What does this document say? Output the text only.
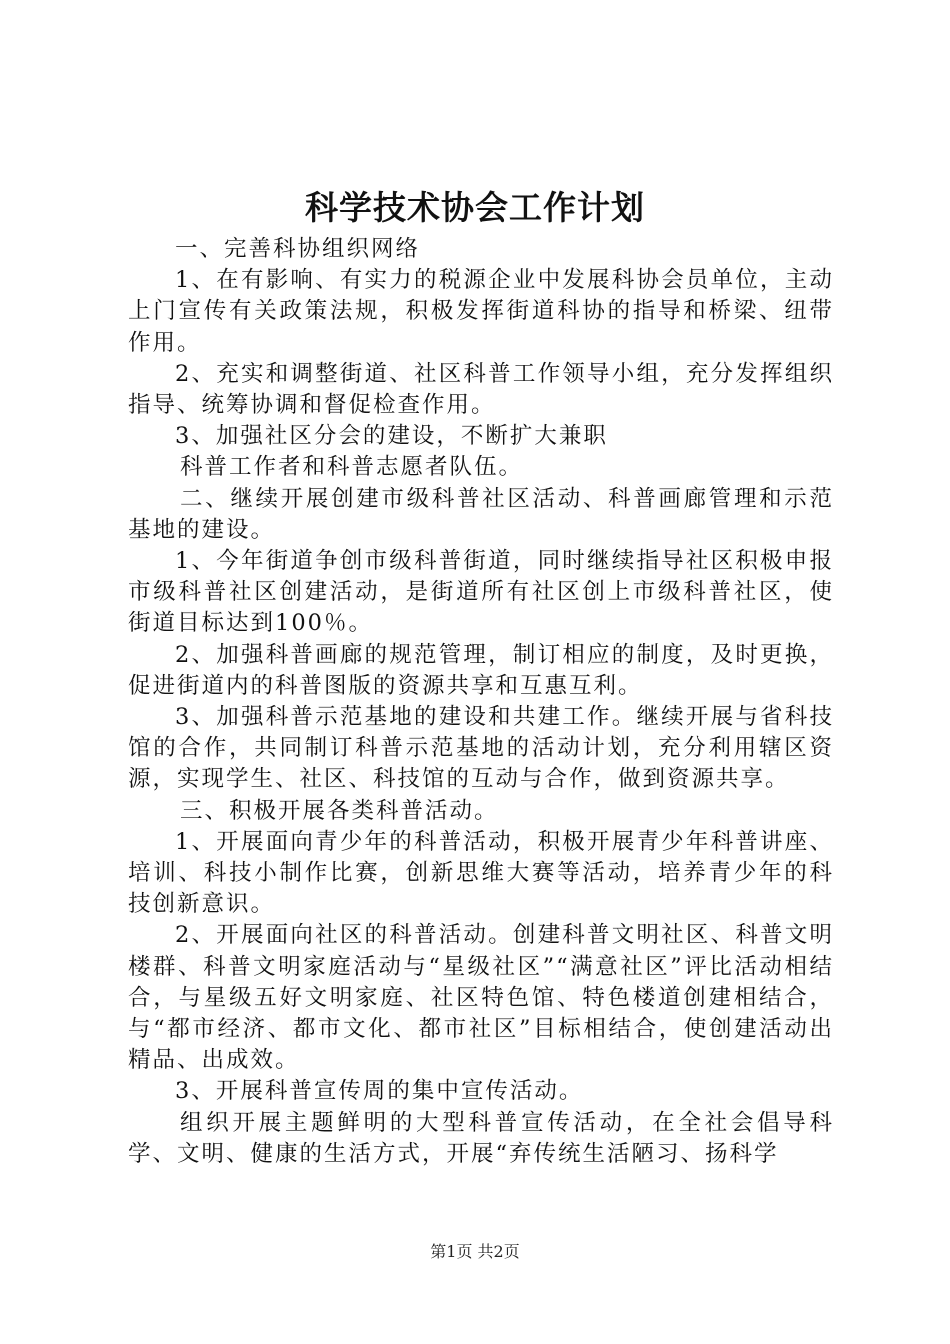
科学技术协会工作计划

一、完善科协组织网络

1、在有影响、有实力的税源企业中发展科协会员单位，主动上门宣传有关政策法规，积极发挥街道科协的指导和桥梁、纽带作用。

2、充实和调整街道、社区科普工作领导小组，充分发挥组织指导、统筹协调和督促检查作用。

3、加强社区分会的建设，不断扩大兼职

科普工作者和科普志愿者队伍。

二、继续开展创建市级科普社区活动、科普画廊管理和示范基地的建设。

1、今年街道争创市级科普街道，同时继续指导社区积极申报市级科普社区创建活动，是街道所有社区创上市级科普社区，使街道目标达到100％。

2、加强科普画廊的规范管理，制订相应的制度，及时更换，促进街道内的科普图版的资源共享和互惠互利。

3、加强科普示范基地的建设和共建工作。继续开展与省科技馆的合作，共同制订科普示范基地的活动计划，充分利用辖区资源，实现学生、社区、科技馆的互动与合作，做到资源共享。

三、积极开展各类科普活动。

1、开展面向青少年的科普活动，积极开展青少年科普讲座、培训、科技小制作比赛，创新思维大赛等活动，培养青少年的科技创新意识。

2、开展面向社区的科普活动。创建科普文明社区、科普文明楼群、科普文明家庭活动与“星级社区”“满意社区”评比活动相结合，与星级五好文明家庭、社区特色馆、特色楼道创建相结合，与“都市经济、都市文化、都市社区”目标相结合，使创建活动出精品、出成效。

3、开展科普宣传周的集中宣传活动。

组织开展主题鲜明的大型科普宣传活动，在全社会倡导科学、文明、健康的生活方式，开展“弃传统生活陋习、扬科学

第1页 共2页
